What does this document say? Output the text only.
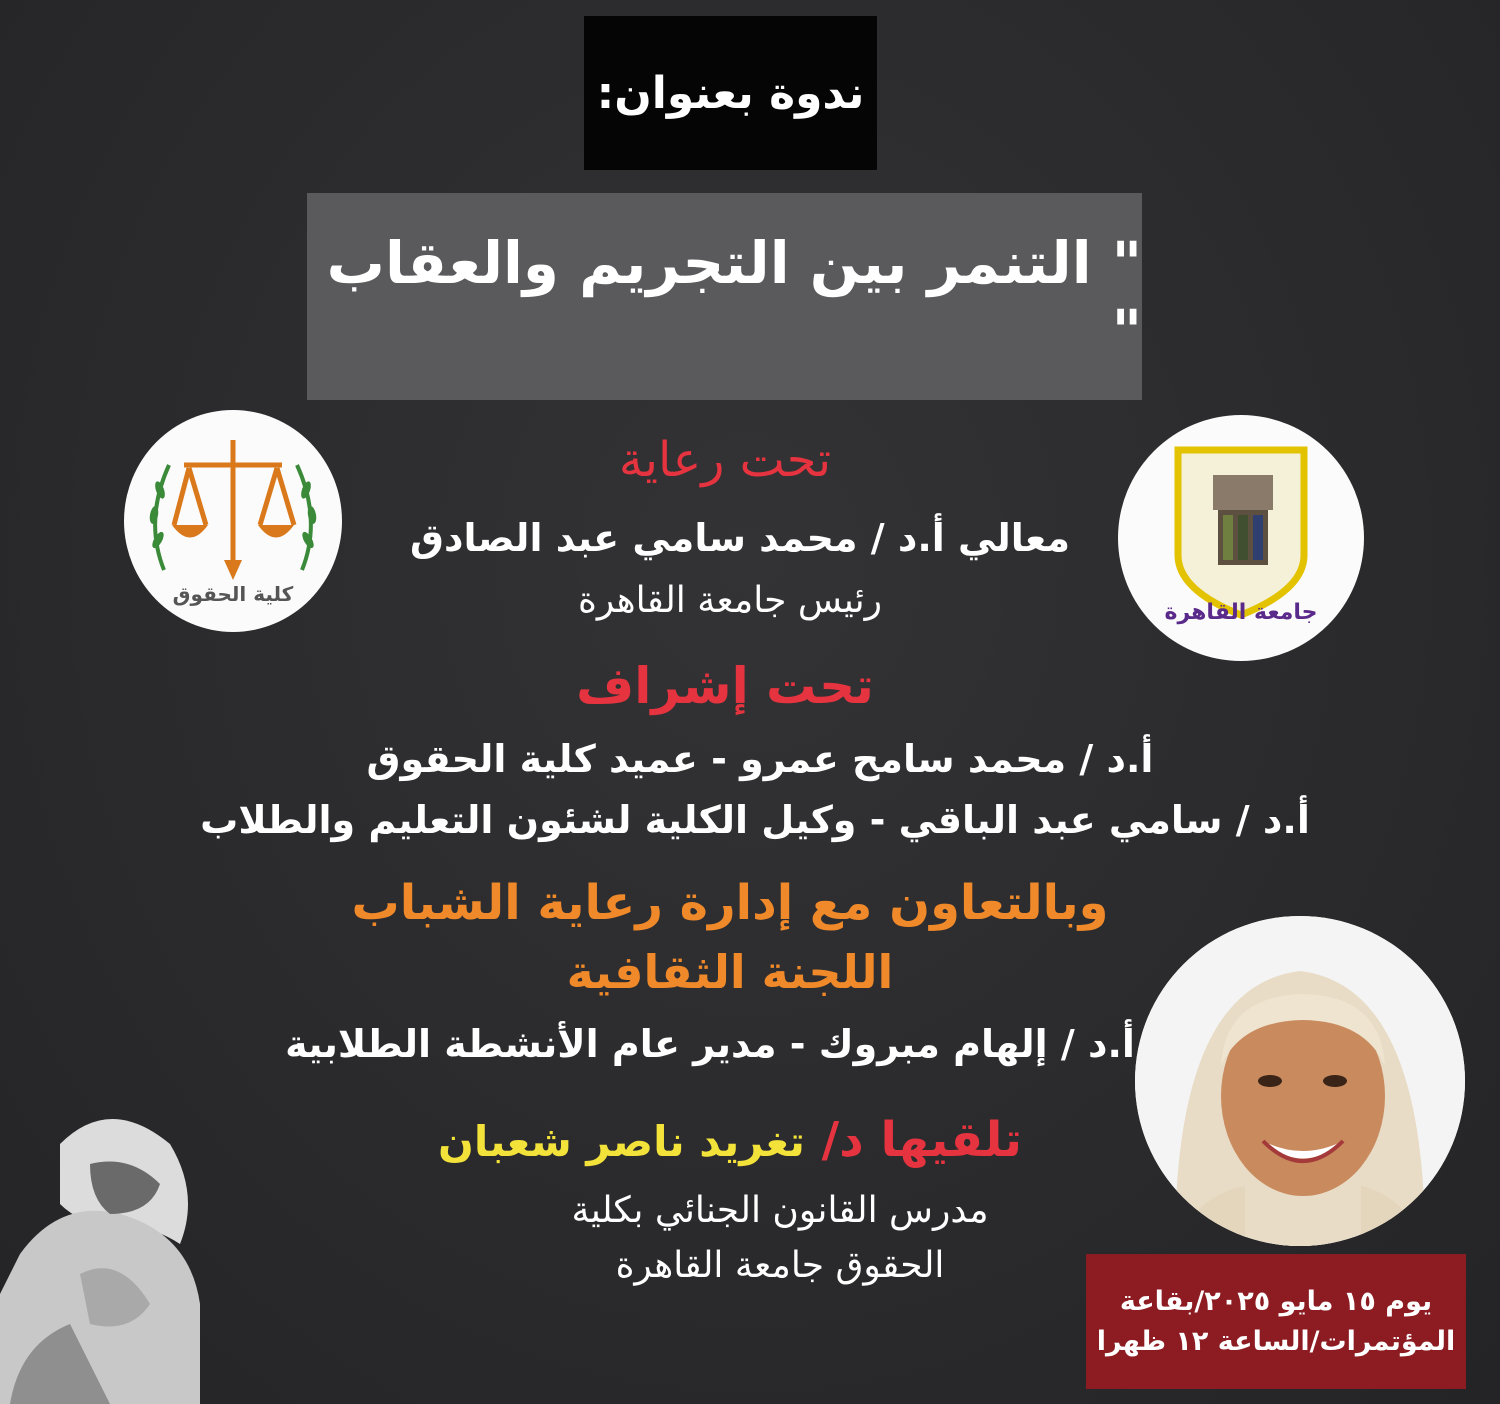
ندوة بعنوان:
" التنمر بين التجريم والعقاب "
كلية الحقوق
جامعة القاهرة
تحت رعاية
معالي أ.د / محمد سامي عبد الصادق
رئيس جامعة القاهرة
تحت إشراف
أ.د / محمد سامح عمرو - عميد كلية الحقوق
أ.د / سامي عبد الباقي - وكيل الكلية لشئون التعليم والطلاب
وبالتعاون مع إدارة رعاية الشباب
اللجنة الثقافية
أ.د / إلهام مبروك - مدير عام الأنشطة الطلابية
تلقيها د/ تغريد ناصر شعبان
مدرس القانون الجنائي بكلية
الحقوق جامعة القاهرة
يوم ١٥ مايو ٢٠٢٥/بقاعة
المؤتمرات/الساعة ١٢ ظهرا
